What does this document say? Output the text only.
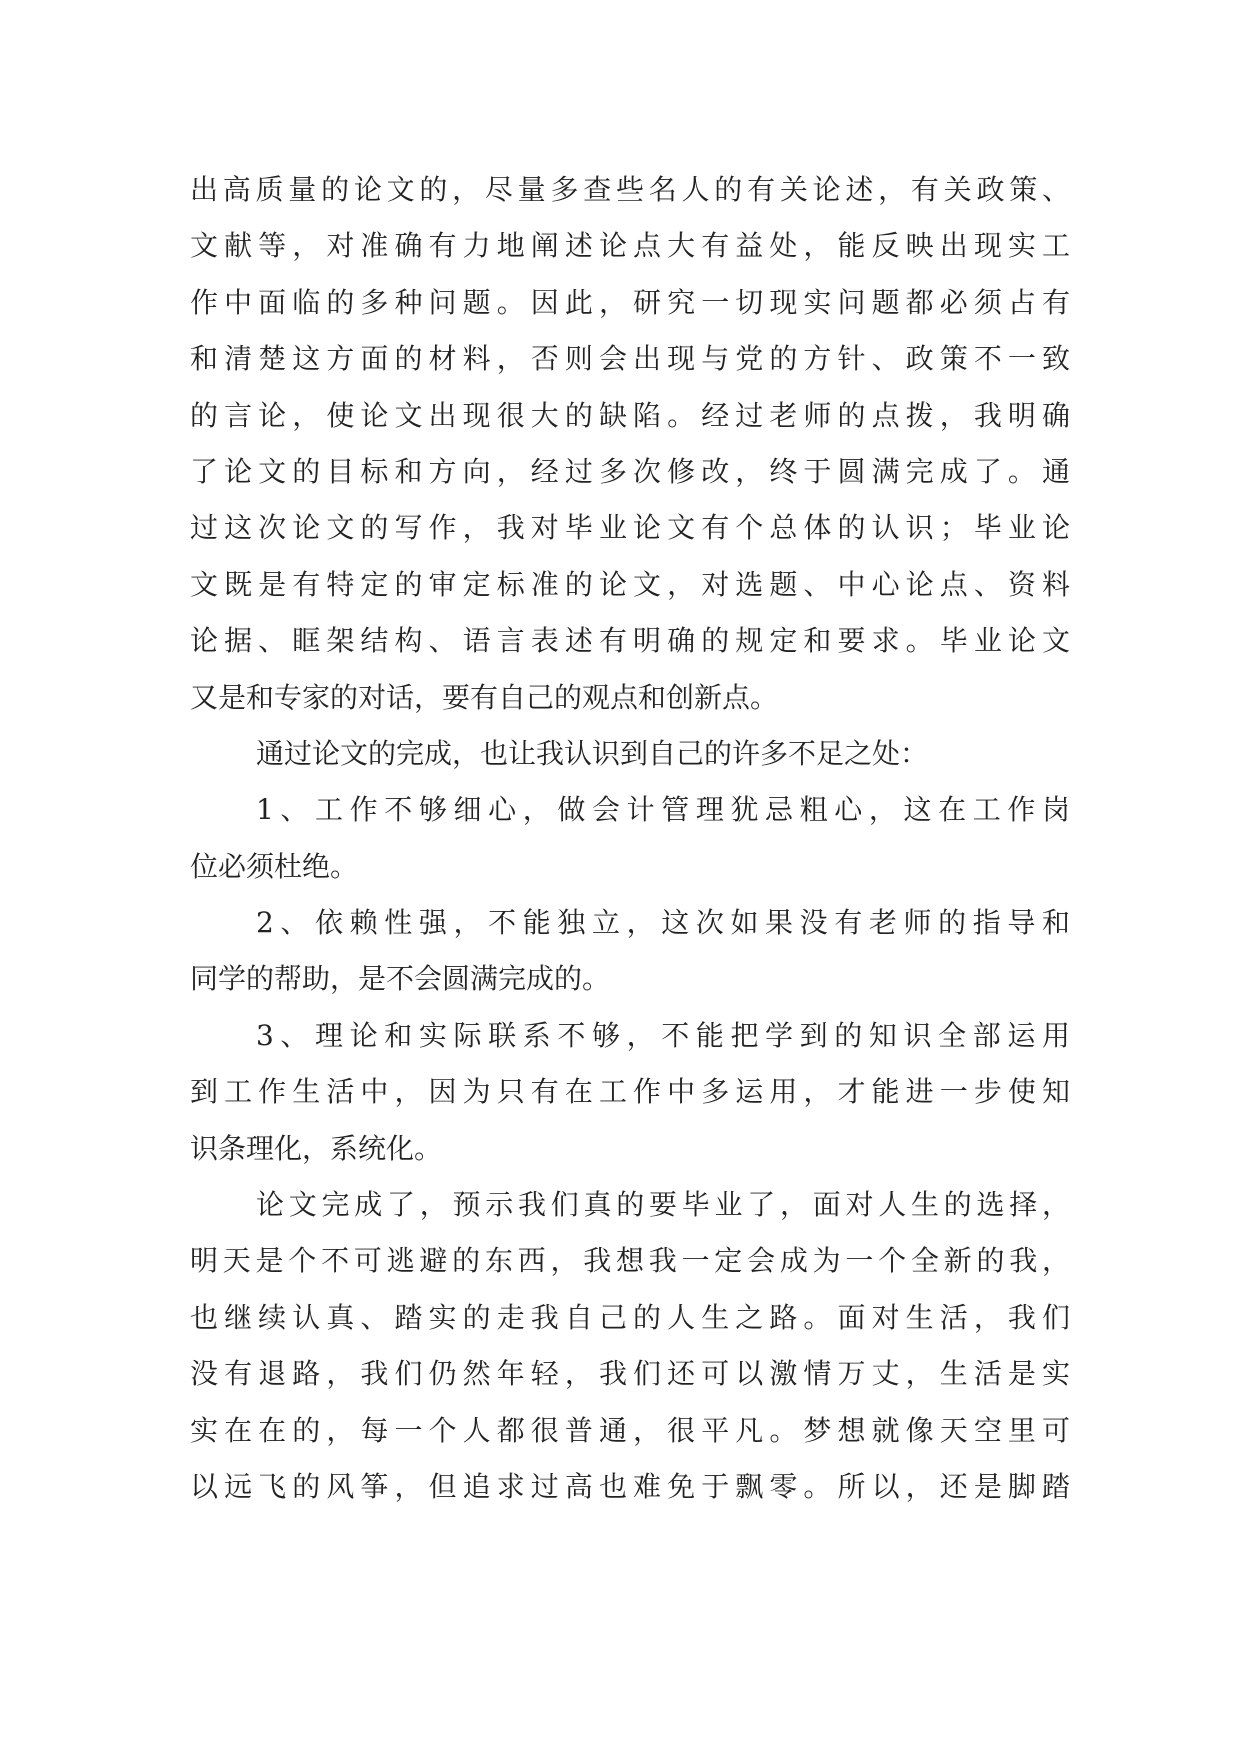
出高质量的论文的，尽量多查些名人的有关论述，有关政策、
文献等，对准确有力地阐述论点大有益处，能反映出现实工
作中面临的多种问题。因此，研究一切现实问题都必须占有
和清楚这方面的材料，否则会出现与党的方针、政策不一致
的言论，使论文出现很大的缺陷。经过老师的点拨，我明确
了论文的目标和方向，经过多次修改，终于圆满完成了。通
过这次论文的写作，我对毕业论文有个总体的认识；毕业论
文既是有特定的审定标准的论文，对选题、中心论点、资料
论据、眶架结构、语言表述有明确的规定和要求。毕业论文
又是和专家的对话，要有自己的观点和创新点。
通过论文的完成，也让我认识到自己的许多不足之处：
1、工作不够细心，做会计管理犹忌粗心，这在工作岗
位必须杜绝。
2、依赖性强，不能独立，这次如果没有老师的指导和
同学的帮助，是不会圆满完成的。
3、理论和实际联系不够，不能把学到的知识全部运用
到工作生活中，因为只有在工作中多运用，才能进一步使知
识条理化，系统化。
论文完成了，预示我们真的要毕业了，面对人生的选择，
明天是个不可逃避的东西，我想我一定会成为一个全新的我，
也继续认真、踏实的走我自己的人生之路。面对生活，我们
没有退路，我们仍然年轻，我们还可以激情万丈，生活是实
实在在的，每一个人都很普通，很平凡。梦想就像天空里可
以远飞的风筝，但追求过高也难免于飘零。所以，还是脚踏
